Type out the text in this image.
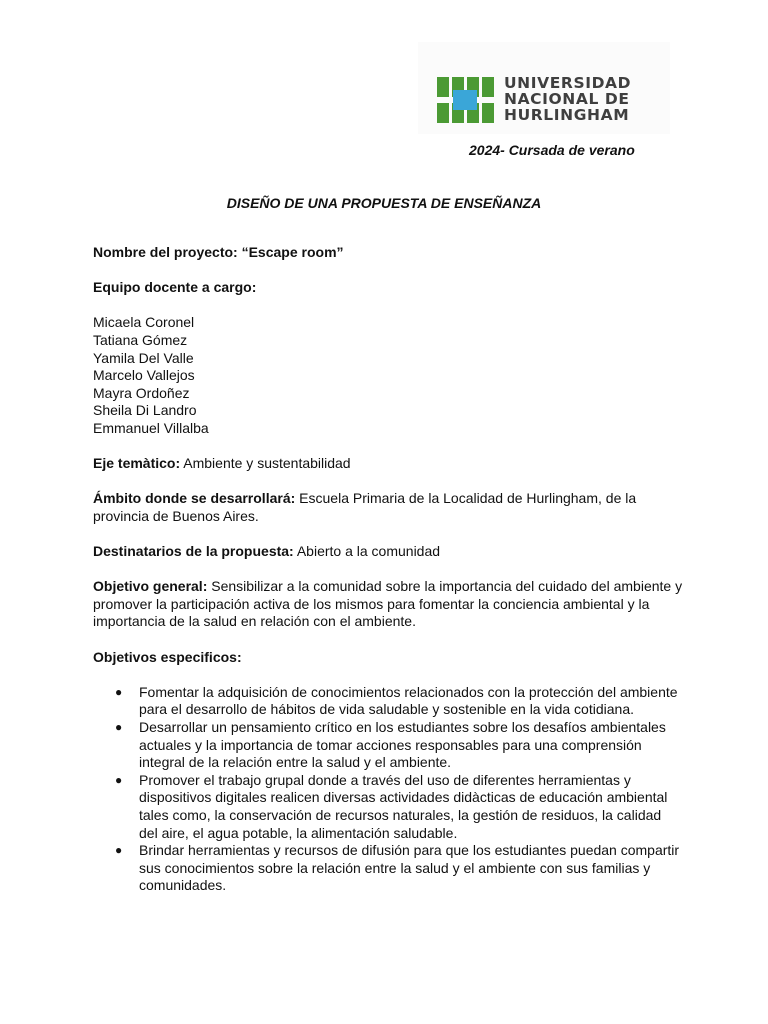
UNIVERSIDAD
NACIONAL DE
HURLINGHAM
2024- Cursada de verano
DISEÑO DE UNA PROPUESTA DE ENSEÑANZA

Nombre del proyecto: “Escape room”

Equipo docente a cargo:

Micaela Coronel
Tatiana Gómez
Yamila Del Valle
Marcelo Vallejos
Mayra Ordoñez
Sheila Di Landro
Emmanuel Villalba

Eje temàtico: Ambiente y sustentabilidad

Ámbito donde se desarrollará: Escuela Primaria de la Localidad de Hurlingham, de la provincia de Buenos Aires.

Destinatarios de la propuesta: Abierto a la comunidad

Objetivo general: Sensibilizar a la comunidad sobre la importancia del cuidado del ambiente y promover la participación activa de los mismos para fomentar la conciencia ambiental y la importancia de la salud en relación con el ambiente.

Objetivos especificos:

● Fomentar la adquisición de conocimientos relacionados con la protección del ambiente para el desarrollo de hábitos de vida saludable y sostenible en la vida cotidiana.
● Desarrollar un pensamiento crítico en los estudiantes sobre los desafíos ambientales actuales y la importancia de tomar acciones responsables para una comprensión integral de la relación entre la salud y el ambiente.
● Promover el trabajo grupal donde a través del uso de diferentes herramientas y dispositivos digitales realicen diversas actividades didàcticas de educación ambiental tales como, la conservación de recursos naturales, la gestión de residuos, la calidad del aire, el agua potable, la alimentación saludable.
● Brindar herramientas y recursos de difusión para que los estudiantes puedan compartir sus conocimientos sobre la relación entre la salud y el ambiente con sus familias y comunidades.
